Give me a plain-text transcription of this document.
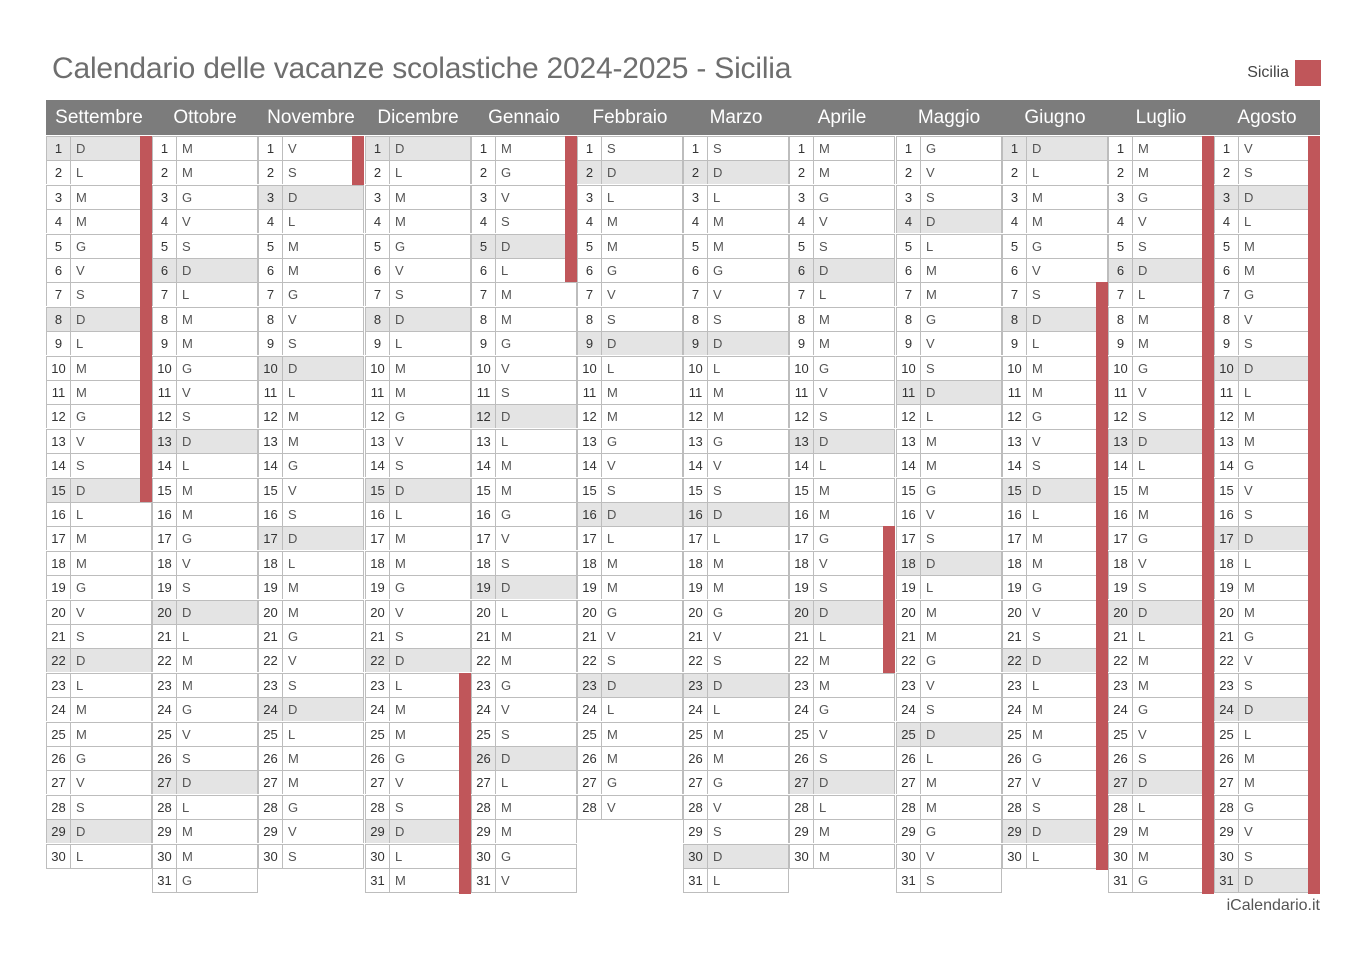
Calendario delle vacanze scolastiche 2024-2025 - Sicilia	Sicilia
Settembre
1	D
2	L
3	M
4	M
5	G
6	V
7	S
8	D
9	L
10 M
11 M
12 G
13 V
14 S
15 D
16 L
17 M
18 M
19 G
20 V
21 S
22 D
23 L
24 M
25 M
26 G
27 V
28 S
29 D
30 L
Ottobre
1	M
2	M
3	G
4	V
5	S
6	D
7	L
8	M
9	M
10 G
11 V
12 S
13 D
14 L
15 M
16 M
17 G
18 V
19 S
20 D
21 L
22 M
23 M
24 G
25 V
26 S
27 D
28 L
29 M
30 M
31 G
Novembre
1	V
2	S
3	D
4	L
5	M
6	M
7	G
8	V
9	S
10 D
11 L
12 M
13 M
14 G
15 V
16 S
17 D
18 L
19 M
20 M
21 G
22 V
23 S
24 D
25 L
26 M
27 M
28 G
29 V
30 S
Dicembre
1	D
2	L
3	M
4	M
5	G
6	V
7	S
8	D
9	L
10 M
11 M
12 G
13 V
14 S
15 D
16 L
17 M
18 M
19 G
20 V
21 S
22 D
23 L
24 M
25 M
26 G
27 V
28 S
29 D
30 L
31 M
Gennaio
1	M
2	G
3	V
4	S
5	D
6	L
7	M
8	M
9	G
10 V
11 S
12 D
13 L
14 M
15 M
16 G
17 V
18 S
19 D
20 L
21 M
22 M
23 G
24 V
25 S
26 D
27 L
28 M
29 M
30 G
31 V
Febbraio
1	S
2	D
3	L
4	M
5	M
6	G
7	V
8	S
9	D
10 L
11 M
12 M
13 G
14 V
15 S
16 D
17 L
18 M
19 M
20 G
21 V
22 S
23 D
24 L
25 M
26 M
27 G
28 V
Marzo
1	S
2	D
3	L
4	M
5	M
6	G
7	V
8	S
9	D
10 L
11 M
12 M
13 G
14 V
15 S
16 D
17 L
18 M
19 M
20 G
21 V
22 S
23 D
24 L
25 M
26 M
27 G
28 V
29 S
30 D
31 L
Aprile
1	M
2	M
3	G
4	V
5	S
6	D
7	L
8	M
9	M
10 G
11 V
12 S
13 D
14 L
15 M
16 M
17 G
18 V
19 S
20 D
21 L
22 M
23 M
24 G
25 V
26 S
27 D
28 L
29 M
30 M
Maggio
1	G
2	V
3	S
4	D
5	L
6	M
7	M
8	G
9	V
10 S
11 D
12 L
13 M
14 M
15 G
16 V
17 S
18 D
19 L
20 M
21 M
22 G
23 V
24 S
25 D
26 L
27 M
28 M
29 G
30 V
31 S
Giugno
1	D
2	L
3	M
4	M
5	G
6	V
7	S
8	D
9	L
10 M
11 M
12 G
13 V
14 S
15 D
16 L
17 M
18 M
19 G
20 V
21 S
22 D
23 L
24 M
25 M
26 G
27 V
28 S
29 D
30 L
Luglio
1	M
2	M
3	G
4	V
5	S
6	D
7	L
8	M
9	M
10 G
11 V
12 S
13 D
14 L
15 M
16 M
17 G
18 V
19 S
20 D
21 L
22 M
23 M
24 G
25 V
26 S
27 D
28 L
29 M
30 M
31 G
Agosto
1	V
2	S
3	D
4	L
5	M
6	M
7	G
8	V
9	S
10 D
11 L
12 M
13 M
14 G
15 V
16 S
17 D
18 L
19 M
20 M
21 G
22 V
23 S
24 D
25 L
26 M
27 M
28 G
29 V
30 S
31 D
iCalendario.it
